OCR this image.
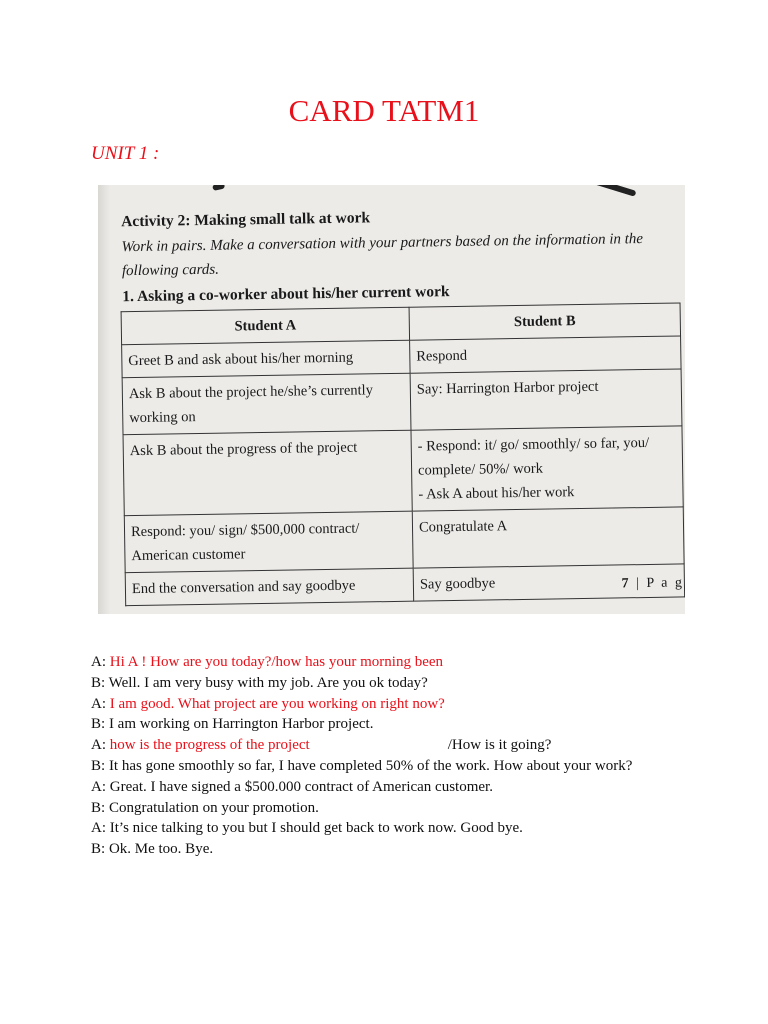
CARD TATM1
UNIT 1 :
Activity 2: Making small talk at work
Work in pairs. Make a conversation with your partners based on the information in the following cards.
1. Asking a co-worker about his/her current work
Student A	Student B
Greet B and ask about his/her morning	Respond
Ask B about the project he/she’s currently working on	Say: Harrington Harbor project
Ask B about the progress of the project	- Respond: it/ go/ smoothly/ so far, you/ complete/ 50%/ work
- Ask A about his/her work

Respond: you/ sign/ $500,000 contract/ American customer	Congratulate A
End the conversation and say goodbye	Say goodbye	7 | P a g
A: Hi A ! How are you today?/how has your morning been
B: Well. I am very busy with my job. Are you ok today?
A: I am good. What project are you working on right now?
B: I am working on Harrington Harbor project.
A: how is the progress of the project	/How is it going?
B: It has gone smoothly so far, I have completed 50% of the work. How about your work?
A: Great. I have signed a $500.000 contract of American customer.
B: Congratulation on your promotion.
A: It’s nice talking to you but I should get back to work now. Good bye.
B: Ok. Me too. Bye.
